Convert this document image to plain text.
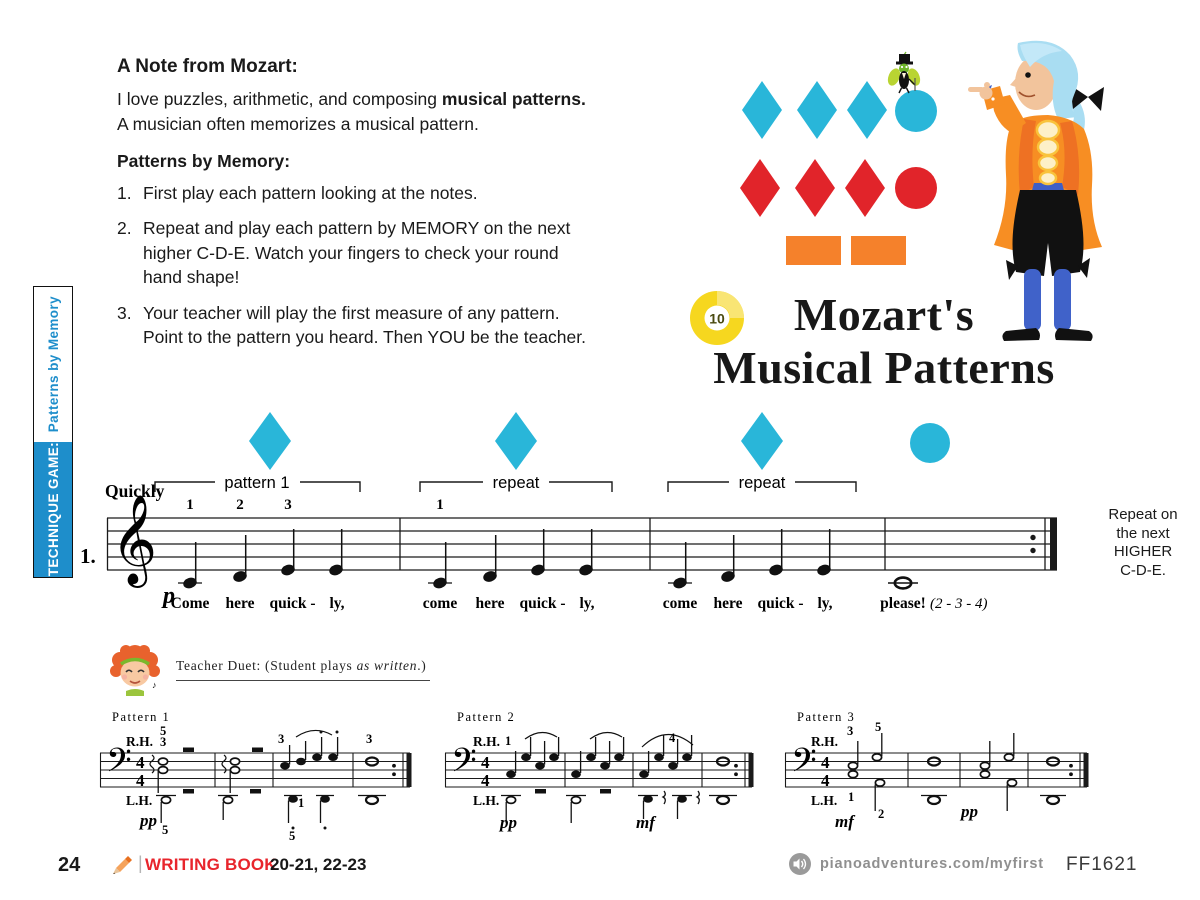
Patterns by Memory
TECHNIQUE GAME:
A Note from Mozart:

I love puzzles, arithmetic, and composing musical patterns.
A musician often memorizes a musical pattern.

Patterns by Memory:
1. First play each pattern looking at the notes.
2. Repeat and play each pattern by MEMORY on the next higher C-D-E. Watch your fingers to check your round hand shape!
3. Your teacher will play the first measure of any pattern. Point to the pattern you heard. Then YOU be the teacher.
10	Mozart's
Musical Patterns
pattern 1	repeat	repeat
Quickly
1.
p
𝄞 1	2	3	1
Come here quick - ly,	come here quick - ly,	come here quick - ly,	please! (2 - 3 - 4)
Repeat on
the next
HIGHER
C-D-E.
♪
Teacher Duet: (Student plays as written.)
Pattern 1
R.H.
L.H.
𝄢 4
4
5
3	3
1
3
pp 5	5
Pattern 2
R.H.
L.H.
𝄢 4
4
1	4
pp	mf
Pattern 3
R.H.
L.H.
𝄢 4
4
3 5
1
2
mf
pp
24	| WRITING BOOK
20-21, 22-23	pianoadventures.com/myfirst FF1621
